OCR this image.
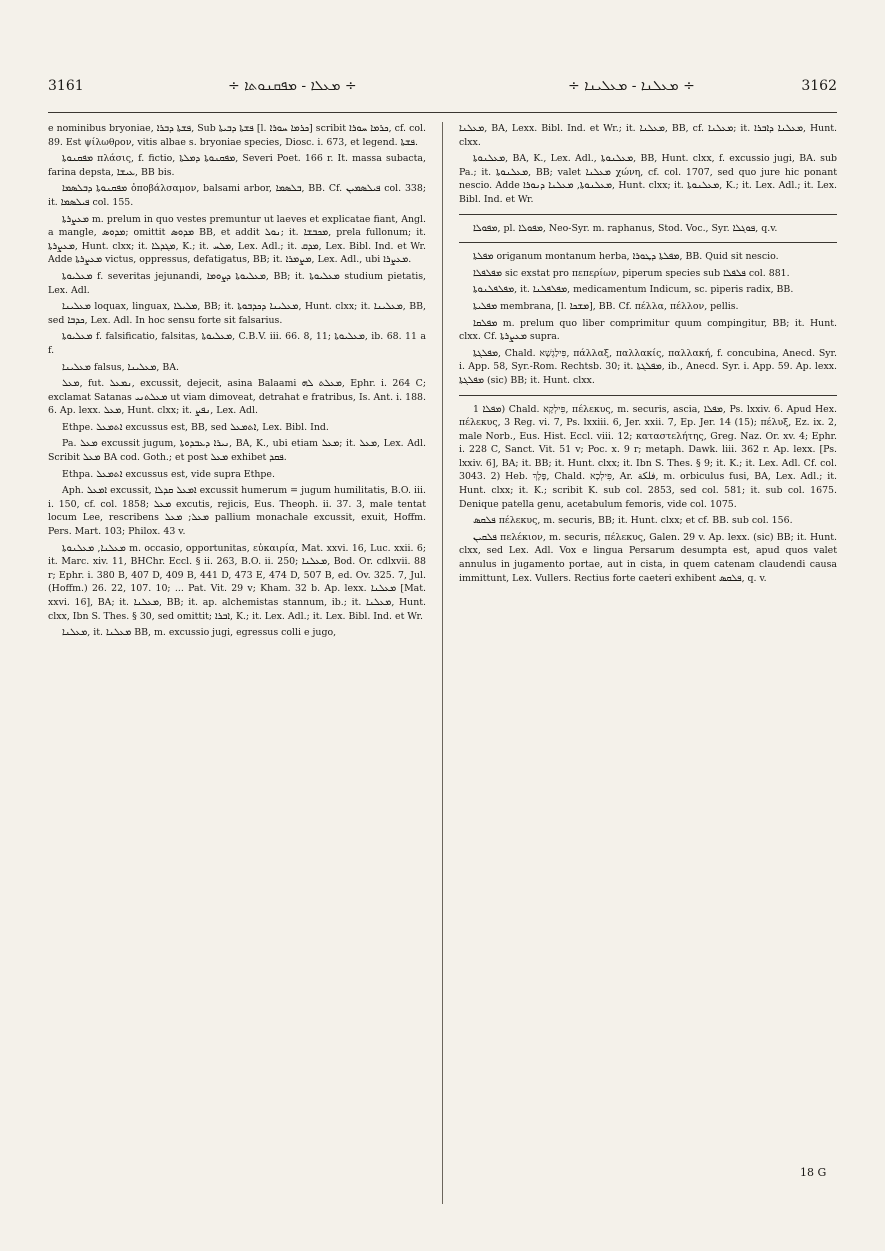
3161	÷ ܡܥܠܐ - ܡܦܩܢܘܬܐ ÷	÷ ܡܥܠܢܐ - ܡܥܠܝܢܐ ÷	3162

e nominibus bryoniae, ܦܫܬܐ ܕܒܪܐ, Sub ܦܫܬܐ ܕܒܝܬܐ [l. ܟܪܡܐ ܚܘܪܐ] scribit ܟܪܡܐ ܚܘܪܐ, cf. col. 89. Est ψίλωθρον, vitis albae s. bryoniae species, Diosc. i. 673, et legend. ܦܫܬܐ.

ܡܦܩܢܘܬܐ πλάσις, f. fictio, ܡܦܩܢܘܬܐ ܕܡܠܬܐ, Severi Poet. 166 r. It. massa subacta, farina depsta, ܥܝܫܐ, BB bis.

ܡܦܩܢܘܬܐ ܕܒܠܣܡܐ ὀποβάλσαμον, balsami arbor, ܒܠܣܡܐ, BB. Cf. ܦܝܠܣܡܝܢ col. 338; it. ܦܝܠܣܡܐ col. 155.

ܡܥܨܪܬܐ m. prelum in quo vestes premuntur ut laeves et explicatae fiant, Angl. a mangle, ܡܕܘܣ; omittit ܡܕܘܣ BB, et addit ܢܘܠ; it. ܡܟܒܫܐ, prela fullonum; it. ܡܥܨܪܬܐ, Hunt. clxx; it. ܡܓܕܠܐ, K.; it. ܡܠܚ, Lex. Adl.; it. ܡܕܩ, Lex. Bibl. Ind. et Wr. Adde ܡܥܨܪܬܐ victus, oppressus, defatigatus, BB; it. ܡܨܡܪܐ, Lex. Adl., ubi ܡܥܨܪܐ.

ܡܥܠܝܘܬܐ f. severitas jejunandi, ܡܥܠܝܘܬܐ ܕܨܘܡܐ, BB; it. ܡܥܠܝܘܬܐ studium pietatis, Lex. Adl.

ܡܥܠܝܢܐ loquax, linguax, ܡܠܝܠܐ, BB; it. ܡܥܠܝܢܐ ܕܟܕܒܘܬܐ, Hunt. clxx; it. ܡܥܠܝܢܐ, BB, sed ܟܕܒܐ, Lex. Adl. In hoc sensu forte sit falsarius.

ܡܥܠܝܘܬܐ f. falsificatio, falsitas, ܡܥܠܝܘܬܐ, C.B.V. iii. 66. 8, 11; ܡܥܠܝܘܬܐ, ib. 68. 11 a f.

ܡܥܠܝܢܐ falsus, ܡܥܠܝܢܐ, BA.

ܡܥܠ, fut. ܢܡܥܠ, excussit, dejecit, asina Balaami ܡܥܠܬ ܠܗ, Ephr. i. 264 C; exclamat Satanas ܡܥܠܬܢܝ ut viam dimoveat, detrahat e fratribus, Is. Ant. i. 188. 6. Ap. lexx. ܡܥܠ, Hunt. clxx; it. ܢܦܨ, Lex. Adl.

Ethpe. ܐܬܡܥܠ excussus est, BB, sed ܐܬܡܥܠ, Lex. Bibl. Ind.

Pa. ܡܥܠ excussit jugum, ܢܝܪܐ ܕܥܒܕܘܬܐ, BA, K., ubi etiam ܡܥܠ; it. ܡܥܠ, Lex. Adl. Scribit ܡܥܠ BA cod. Goth.; et post ܡܥܠ exhibet ܦܩܕ.

Ethpa. ܐܬܡܥܠ excussus est, vide supra Ethpe.

Aph. ܐܡܥܠ excussit, ܐܡܥܠ ܩܕܠܐ excussit humerum = jugum humilitatis, B.O. iii. i. 150, cf. col. 1858; ܡܥܠ excutis, rejicis, Eus. Theoph. ii. 37. 3, male tentat locum Lee, rescribens ܡܥܠ; ܡܥܠ pallium monachale excussit, exuit, Hoffm. Pers. Mart. 103; Philox. 43 v.

ܡܥܠܢܐ, ܡܥܠܢܘܬܐ m. occasio, opportunitas, εὐκαιρία, Mat. xxvi. 16, Luc. xxii. 6; it. Marc. xiv. 11, BHChr. Eccl. § ii. 263, B.O. ii. 250; ܡܥܠܢܐ, Bod. Or. cdlxvii. 88 r; Ephr. i. 380 B, 407 D, 409 B, 441 D, 473 E, 474 D, 507 B, ed. Ov. 325. 7, Jul. (Hoffm.) 26. 22, 107. 10; ... Pat. Vit. 29 v; Kham. 32 b. Ap. lexx. ܡܥܠܢܐ [Mat. xxvi. 16], BA; it. ܡܥܠܢܐ, BB; it. ap. alchemistas stannum, ib.; it. ܡܥܠܢܐ, Hunt. clxx, Ibn S. Thes. § 30, sed omittit; ܐܒܪܐ, K.; it. Lex. Adl.; it. Lex. Bibl. Ind. et Wr.

ܡܥܠܢܐ, it. ܡܥܠܢܐ BB, m. excussio jugi, egressus colli e jugo,

ܡܥܠܢܐ, BA, Lexx. Bibl. Ind. et Wr.; it. ܡܥܠܢܐ, BB, cf. ܡܥܠܢܐ; it. ܡܥܠܢܐ ܕܐܒܪܐ, Hunt. clxx.

ܡܥܠܢܘܬܐ, BA, K., Lex. Adl., ܡܥܠܢܘܬܐ, BB, Hunt. clxx, f. excussio jugi, BA. sub Pa.; it. ܡܥܠܢܘܬܐ, BB; valet ܡܥܠܢܐ χώνη, cf. col. 1707, sed quo jure hic ponant nescio. Adde ܡܥܠܢܘܬܐ, ܡܥܠܢܐ ܕܢܘܪܐ, Hunt. clxx; it. ܡܥܠܢܘܬܐ, K.; it. Lex. Adl.; it. Lex. Bibl. Ind. et Wr.

ܡܦܘܠܐ, pl. ܡܦܘܠܐ, Neo-Syr. m. raphanus, Stod. Voc., Syr. ܦܘܓܠܐ, q.v.

ܡܦܠܬܐ origanum montanum herba, ܡܦܠܬܐ ܕܛܘܪܐ, BB. Quid sit nescio.

ܡܦܠܦܠܐ sic exstat pro πεπερίων, piperum species sub ܦܠܦܠܐ col. 881.

ܡܦܠܦܠܢܘܬܐ, it. ܡܦܠܦܠܢܐ, medicamentum Indicum, sc. piperis radix, BB.

ܡܦܠܝܬܐ membrana, [l. ܡܫܟܐ], BB. Cf. πέλλα, πέλλον, pellis.

ܡܦܠܩܐ m. prelum quo liber comprimitur quum compingitur, BB; it. Hunt. clxx. Cf. ܡܥܨܪܬܐ supra.

ܡܦܠܓܬܐ, Chald. פִּילַגְשָׁא, πάλλαξ, παλλακίς, παλλακή, f. concubina, Anecd. Syr. i. App. 58, Syr.-Rom. Rechtsb. 30; it. ܡܦܠܓܬܐ, ib., Anecd. Syr. i. App. 59. Ap. lexx. ܡܦܠܓܬܐ (sic) BB; it. Hunt. clxx.

ܡܦܠܐ 1) Chald. פִּילְקָא, πέλεκυς, m. securis, ascia, ܡܦܠܐ, Ps. lxxiv. 6. Apud Hex. πέλεκυς, 3 Reg. vi. 7, Ps. lxxiii. 6, Jer. xxii. 7, Ep. Jer. 14 (15); πέλυξ, Ez. ix. 2, male Norb., Eus. Hist. Eccl. viii. 12; καταστελήτης, Greg. Naz. Or. xv. 4; Ephr. i. 228 C, Sanct. Vit. 51 v; Poc. x. 9 r; metaph. Dawk. liii. 362 r. Ap. lexx. [Ps. lxxiv. 6], BA; it. BB; it. Hunt. clxx; it. Ibn S. Thes. § 9; it. K.; it. Lex. Adl. Cf. col. 3043. 2) Heb. פֶּלֶךְ, Chald. פִּילְכָא, Ar. فلكة, m. orbiculus fusi, BA, Lex. Adl.; it. Hunt. clxx; it. K.; scribit K. sub col. 2853, sed col. 581; it. sub col. 1675. Denique patella genu, acetabulum femoris, vide col. 1075.

ܦܠܩܣ πέλεκυς, m. securis, BB; it. Hunt. clxx; et cf. BB. sub col. 156.

ܦܠܩܝܢ πελέκιον, m. securis, πέλεκυς, Galen. 29 v. Ap. lexx. (sic) BB; it. Hunt. clxx, sed Lex. Adl. Vox e lingua Persarum desumpta est, apud quos valet annulus in jugamento portae, aut in cista, in quem catenam claudendi causa immittunt, Lex. Vullers. Rectius forte caeteri exhibent ܦܠܩܣ, q. v.

18 G
